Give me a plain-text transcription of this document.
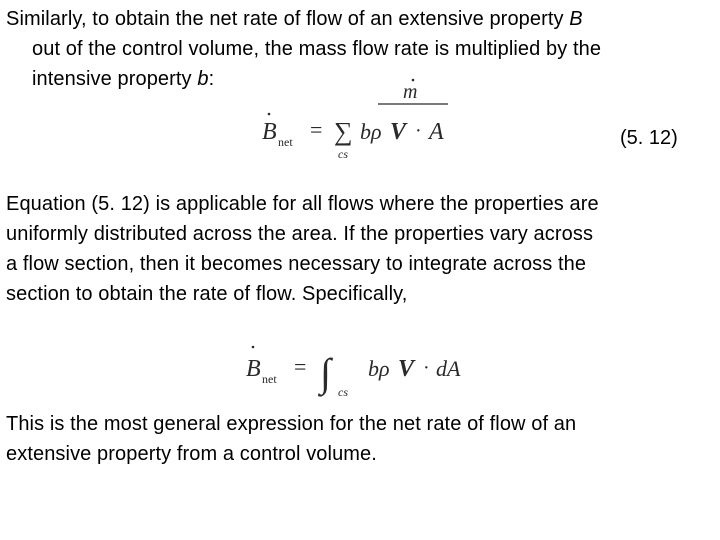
Similarly, to obtain the net rate of flow of an extensive property B
out of the control volume, the mass flow rate is multiplied by the
intensive property b:
m
B net = ∑
cs
bρ V · A	(5. 12)
Equation (5. 12) is applicable for all flows where the properties are
uniformly distributed across the area. If the properties vary across
a flow section, then it becomes necessary to integrate across the
section to obtain the rate of flow. Specifically,
B net = ∫ cs
bρ V · dA
This is the most general expression for the net rate of flow of an
extensive property from a control volume.
